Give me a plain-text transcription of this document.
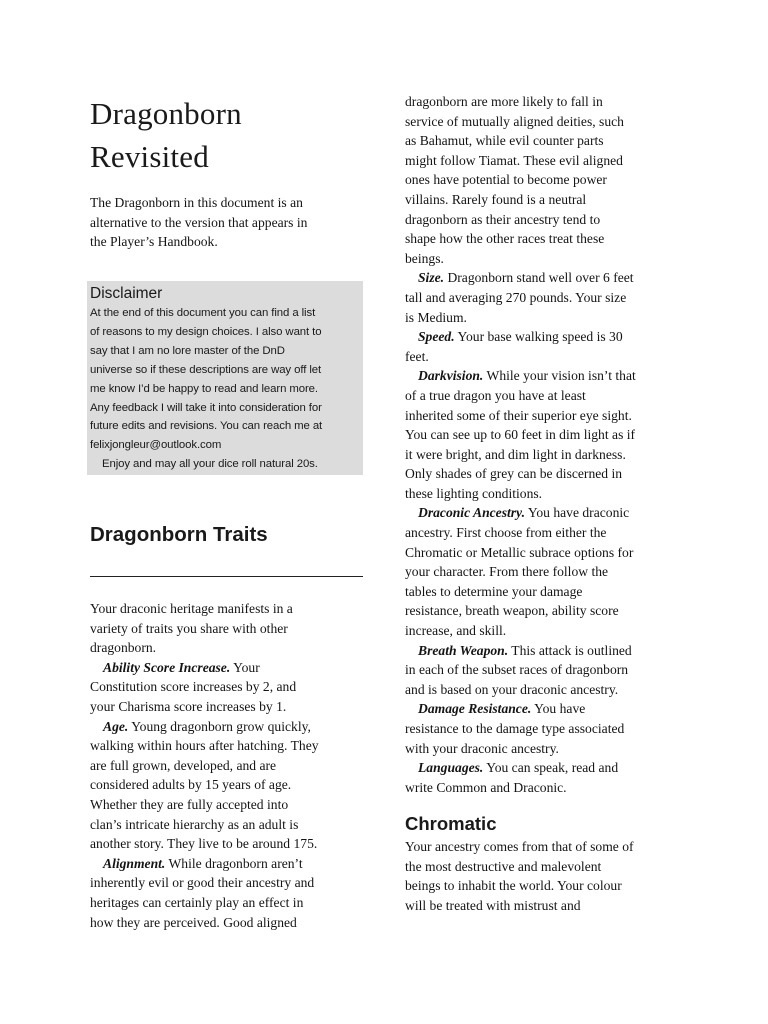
Dragonborn
Revisited
The Dragonborn in this document is an
alternative to the version that appears in
the Player’s Handbook.
Disclaimer
At the end of this document you can find a list
of reasons to my design choices. I also want to
say that I am no lore master of the DnD
universe so if these descriptions are way off let
me know I’d be happy to read and learn more.
Any feedback I will take it into consideration for
future edits and revisions. You can reach me at
felixjongleur@outlook.com
Enjoy and may all your dice roll natural 20s.
Dragonborn Traits
Your draconic heritage manifests in a
variety of traits you share with other
dragonborn.
Ability Score Increase. Your
Constitution score increases by 2, and
your Charisma score increases by 1.
Age. Young dragonborn grow quickly,
walking within hours after hatching. They
are full grown, developed, and are
considered adults by 15 years of age.
Whether they are fully accepted into
clan’s intricate hierarchy as an adult is
another story. They live to be around 175.
Alignment. While dragonborn aren’t
inherently evil or good their ancestry and
heritages can certainly play an effect in
how they are perceived. Good aligned
dragonborn are more likely to fall in
service of mutually aligned deities, such
as Bahamut, while evil counter parts
might follow Tiamat. These evil aligned
ones have potential to become power
villains. Rarely found is a neutral
dragonborn as their ancestry tend to
shape how the other races treat these
beings.
Size. Dragonborn stand well over 6 feet
tall and averaging 270 pounds. Your size
is Medium.
Speed. Your base walking speed is 30
feet.
Darkvision. While your vision isn’t that
of a true dragon you have at least
inherited some of their superior eye sight.
You can see up to 60 feet in dim light as if
it were bright, and dim light in darkness.
Only shades of grey can be discerned in
these lighting conditions.
Draconic Ancestry. You have draconic
ancestry. First choose from either the
Chromatic or Metallic subrace options for
your character. From there follow the
tables to determine your damage
resistance, breath weapon, ability score
increase, and skill.
Breath Weapon. This attack is outlined
in each of the subset races of dragonborn
and is based on your draconic ancestry.
Damage Resistance. You have
resistance to the damage type associated
with your draconic ancestry.
Languages. You can speak, read and
write Common and Draconic.
Chromatic
Your ancestry comes from that of some of
the most destructive and malevolent
beings to inhabit the world. Your colour
will be treated with mistrust and
